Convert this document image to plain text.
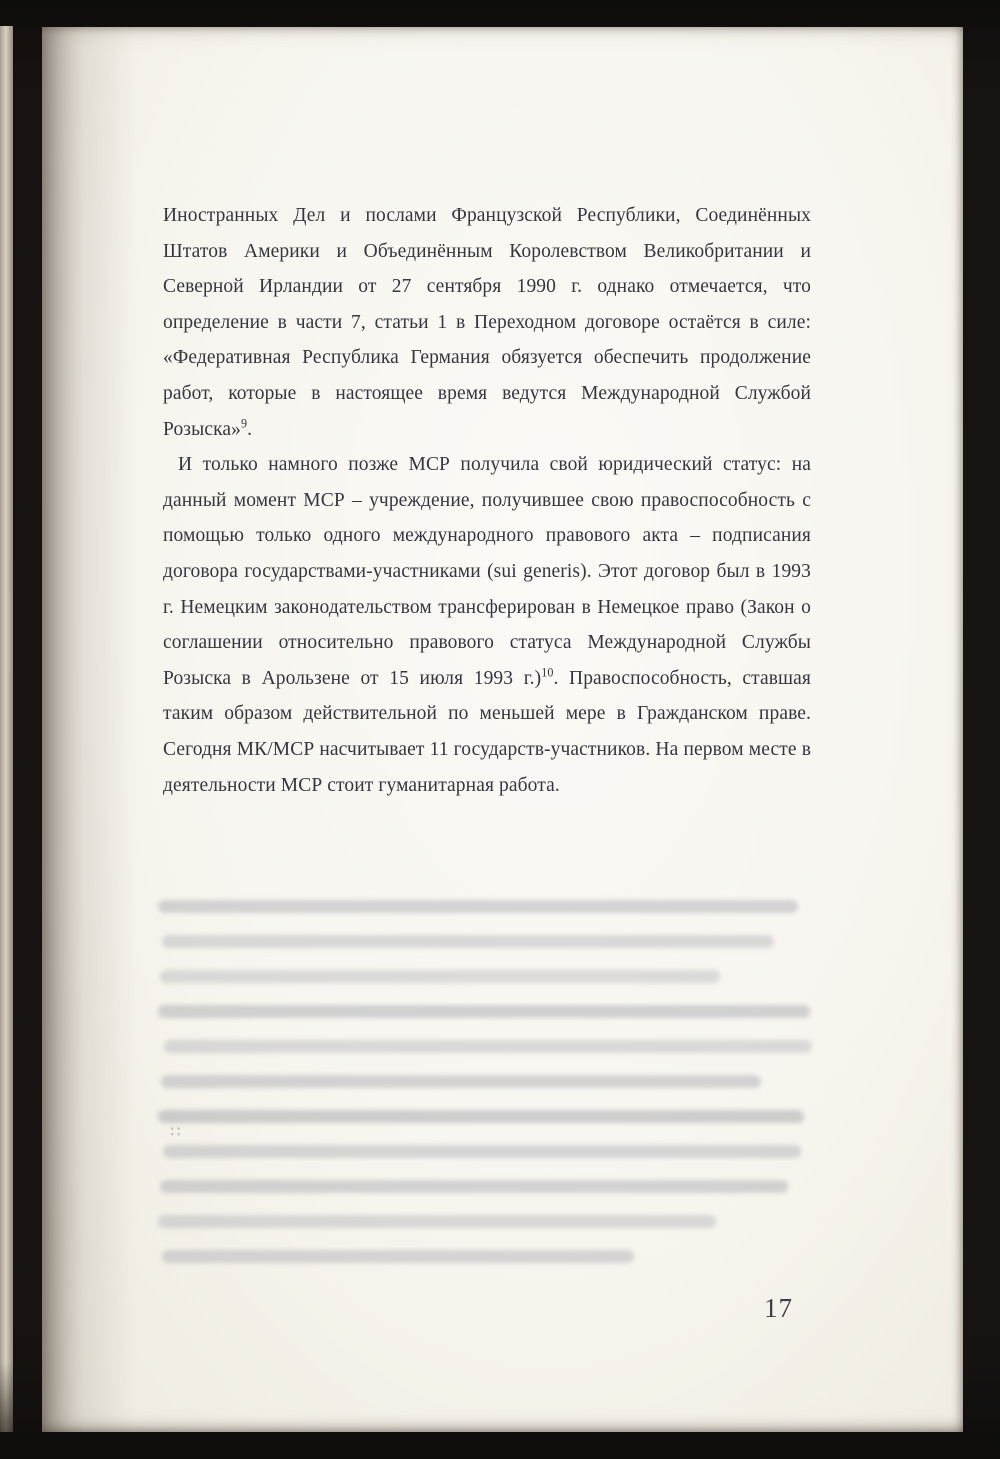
Иностранных Дел и послами Французской Республики, Соединённых Штатов Америки и Объединённым Королевством Великобритании и Северной Ирландии от 27 сентября 1990 г. однако отмечается, что определение в части 7, статьи 1 в Переходном договоре остаётся в силе: «Федеративная Республика Германия обязуется обеспечить продолжение работ, которые в настоящее время ведутся Международной Службой Розыска»$^9$.

И только намного позже МСР получила свой юридический статус: на данный момент МСР – учреждение, получившее свою правоспособность с помощью только одного международного правового акта – подписания договора государствами-участниками (sui generis). Этот договор был в 1993 г. Немецким законодательством трансферирован в Немецкое право (Закон о соглашении относительно правового статуса Международной Службы Розыска в Арользене от 15 июля 1993 г.)$^{10}$. Правоспособность, ставшая таким образом действительной по меньшей мере в Гражданском праве. Сегодня МК/МСР насчитывает 11 государств-участников. На первом месте в деятельности МСР стоит гуманитарная работа.

::
17
